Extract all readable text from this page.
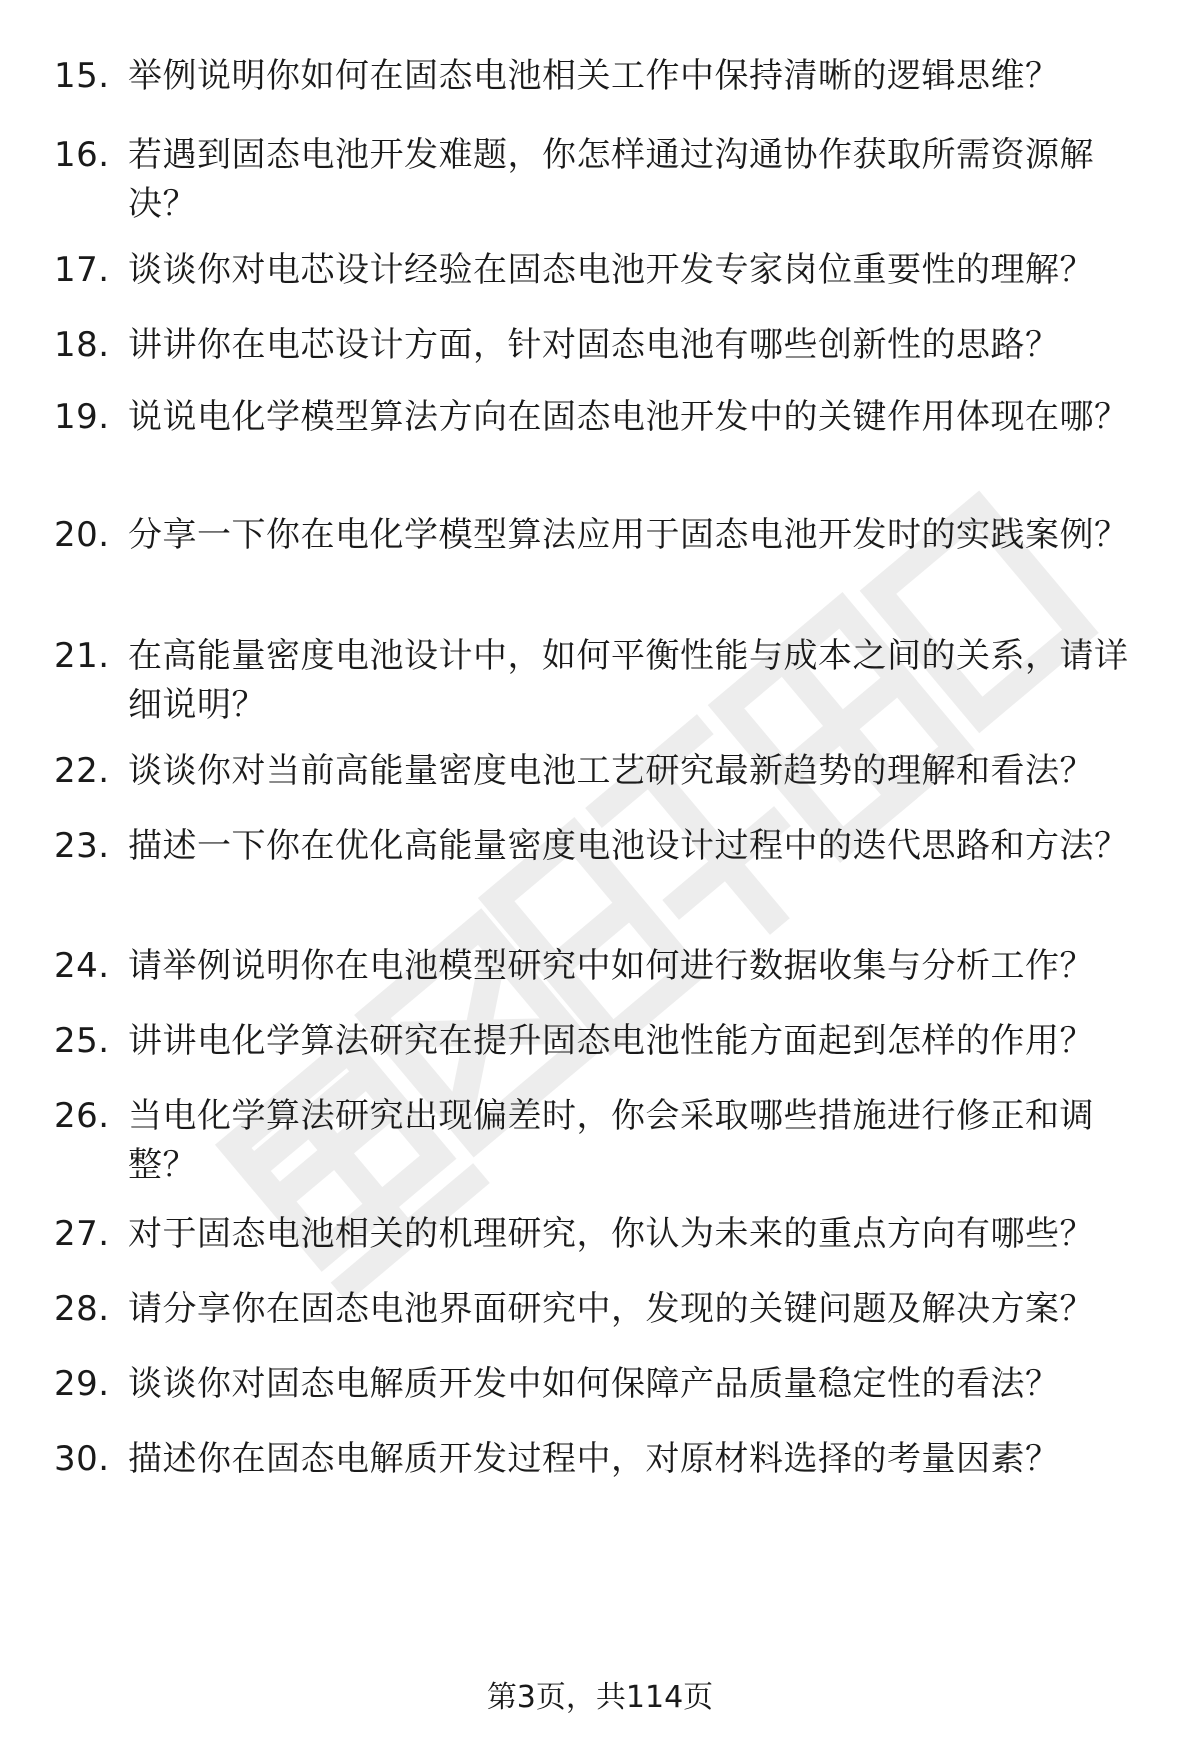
15. 举例说明你如何在固态电池相关工作中保持清晰的逻辑思维？
16. 若遇到固态电池开发难题，你怎样通过沟通协作获取所需资源解决？
17. 谈谈你对电芯设计经验在固态电池开发专家岗位重要性的理解？
18. 讲讲你在电芯设计方面，针对固态电池有哪些创新性的思路？
19. 说说电化学模型算法方向在固态电池开发中的关键作用体现在哪？
20. 分享一下你在电化学模型算法应用于固态电池开发时的实践案例？
21. 在高能量密度电池设计中，如何平衡性能与成本之间的关系，请详细说明？
22. 谈谈你对当前高能量密度电池工艺研究最新趋势的理解和看法？
23. 描述一下你在优化高能量密度电池设计过程中的迭代思路和方法？
24. 请举例说明你在电池模型研究中如何进行数据收集与分析工作？
25. 讲讲电化学算法研究在提升固态电池性能方面起到怎样的作用？
26. 当电化学算法研究出现偏差时，你会采取哪些措施进行修正和调整？
27. 对于固态电池相关的机理研究，你认为未来的重点方向有哪些？
28. 请分享你在固态电池界面研究中，发现的关键问题及解决方案？
29. 谈谈你对固态电解质开发中如何保障产品质量稳定性的看法？
30. 描述你在固态电解质开发过程中，对原材料选择的考量因素？
第3页，共114页
